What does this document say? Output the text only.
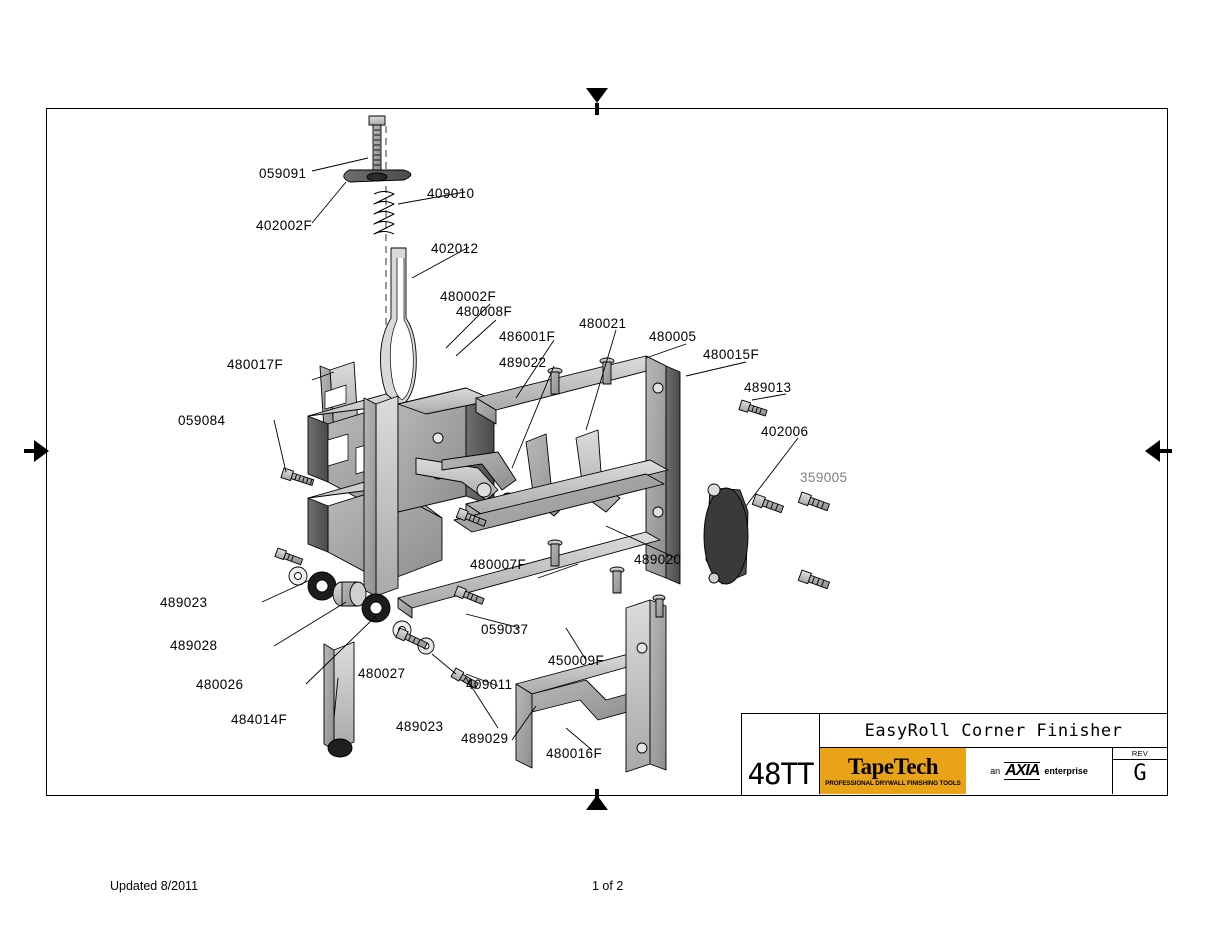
059091
409010
402002F
402012
480002F
480008F
480021
486001F	480005
489022
480015F
480017F
489013
059084
402006
359005
480007F	489020
489023
489028
059037
450009F
480026
480027
409011
484014F	489023
489029
480016F
48TT
EasyRoll Corner Finisher
TapeTech
PROFESSIONAL DRYWALL FINISHING TOOLS
an AXIA enterprise
REV
G
Updated 8/2011	1 of 2
